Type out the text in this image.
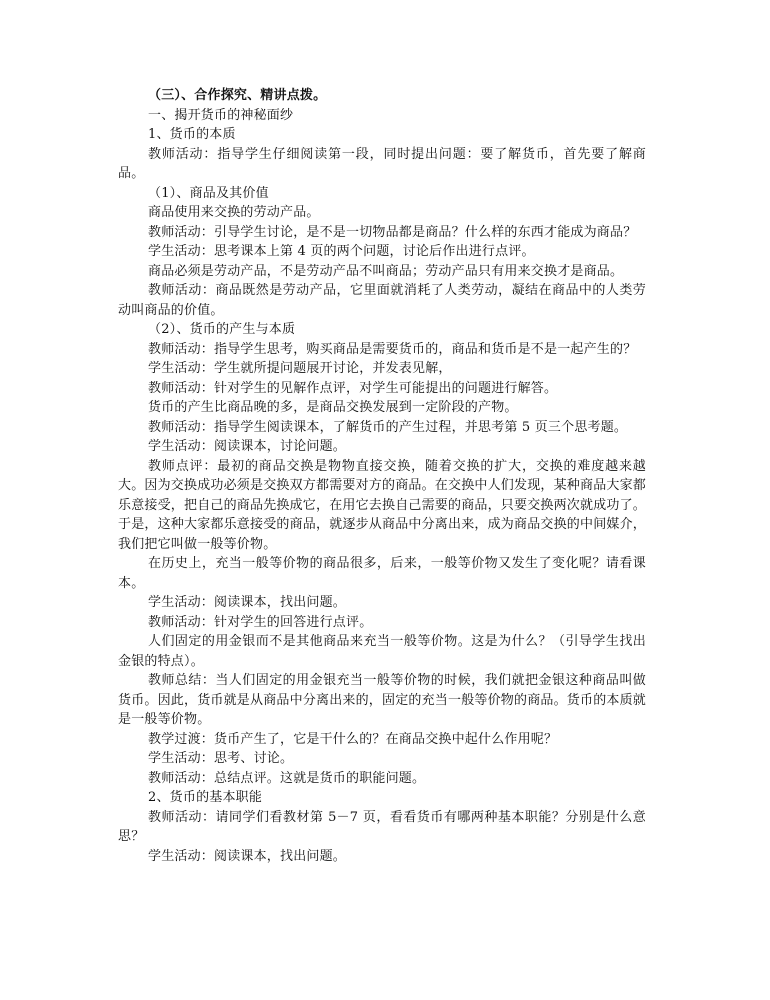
（三）、合作探究、精讲点拨。

一、揭开货币的神秘面纱

1、货币的本质

教师活动：指导学生仔细阅读第一段，同时提出问题：要了解货币，首先要了解商品。

（1）、商品及其价值

商品使用来交换的劳动产品。

教师活动：引导学生讨论，是不是一切物品都是商品？什么样的东西才能成为商品？

学生活动：思考课本上第 4 页的两个问题，讨论后作出进行点评。

商品必须是劳动产品，不是劳动产品不叫商品；劳动产品只有用来交换才是商品。

教师活动：商品既然是劳动产品，它里面就消耗了人类劳动，凝结在商品中的人类劳动叫商品的价值。

（2）、货币的产生与本质

教师活动：指导学生思考，购买商品是需要货币的，商品和货币是不是一起产生的？

学生活动：学生就所提问题展开讨论，并发表见解，

教师活动：针对学生的见解作点评，对学生可能提出的问题进行解答。

货币的产生比商品晚的多，是商品交换发展到一定阶段的产物。

教师活动：指导学生阅读课本，了解货币的产生过程，并思考第 5 页三个思考题。

学生活动：阅读课本，讨论问题。

教师点评：最初的商品交换是物物直接交换，随着交换的扩大，交换的难度越来越大。因为交换成功必须是交换双方都需要对方的商品。在交换中人们发现，某种商品大家都乐意接受，把自己的商品先换成它，在用它去换自己需要的商品，只要交换两次就成功了。于是，这种大家都乐意接受的商品，就逐步从商品中分离出来，成为商品交换的中间媒介，我们把它叫做一般等价物。

在历史上，充当一般等价物的商品很多，后来，一般等价物又发生了变化呢？请看课本。

学生活动：阅读课本，找出问题。

教师活动：针对学生的回答进行点评。

人们固定的用金银而不是其他商品来充当一般等价物。这是为什么？（引导学生找出金银的特点）。

教师总结：当人们固定的用金银充当一般等价物的时候，我们就把金银这种商品叫做货币。因此，货币就是从商品中分离出来的，固定的充当一般等价物的商品。货币的本质就是一般等价物。

教学过渡：货币产生了，它是干什么的？在商品交换中起什么作用呢？

学生活动：思考、讨论。

教师活动：总结点评。这就是货币的职能问题。

2、货币的基本职能

教师活动：请同学们看教材第 5－7 页，看看货币有哪两种基本职能？分别是什么意思？

学生活动：阅读课本，找出问题。
